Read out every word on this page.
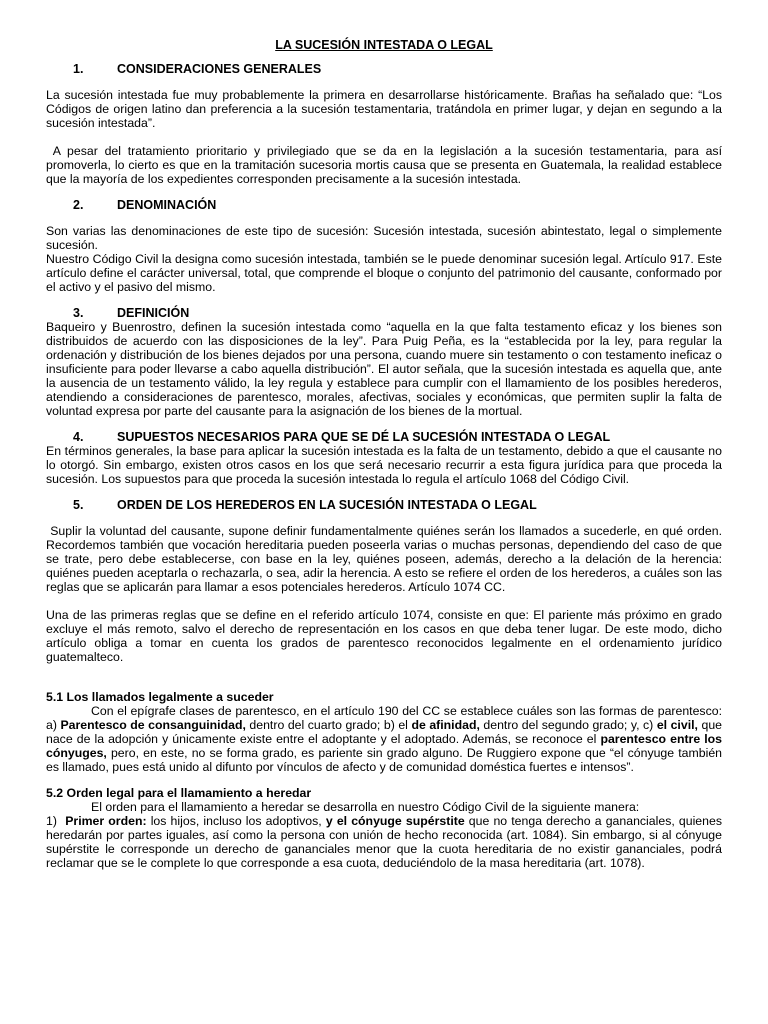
LA SUCESIÓN INTESTADA O LEGAL
1.	CONSIDERACIONES GENERALES

La sucesión intestada fue muy probablemente la primera en desarrollarse históricamente. Brañas ha señalado que: “Los Códigos de origen latino dan preferencia a la sucesión testamentaria, tratándola en primer lugar, y dejan en segundo a la sucesión intestada”.

A pesar del tratamiento prioritario y privilegiado que se da en la legislación a la sucesión testamentaria, para así promoverla, lo cierto es que en la tramitación sucesoria mortis causa que se presenta en Guatemala, la realidad establece que la mayoría de los expedientes corresponden precisamente a la sucesión intestada.

2.	DENOMINACIÓN

Son varias las denominaciones de este tipo de sucesión: Sucesión intestada, sucesión abintestato, legal o simplemente sucesión.

Nuestro Código Civil la designa como sucesión intestada, también se le puede denominar sucesión legal. Artículo 917. Este artículo define el carácter universal, total, que comprende el bloque o conjunto del patrimonio del causante, conformado por el activo y el pasivo del mismo.

3.	DEFINICIÓN

Baqueiro y Buenrostro, definen la sucesión intestada como “aquella en la que falta testamento eficaz y los bienes son distribuidos de acuerdo con las disposiciones de la ley”. Para Puig Peña, es la “establecida por la ley, para regular la ordenación y distribución de los bienes dejados por una persona, cuando muere sin testamento o con testamento ineficaz o insuficiente para poder llevarse a cabo aquella distribución”. El autor señala, que la sucesión intestada es aquella que, ante la ausencia de un testamento válido, la ley regula y establece para cumplir con el llamamiento de los posibles herederos, atendiendo a consideraciones de parentesco, morales, afectivas, sociales y económicas, que permiten suplir la falta de voluntad expresa por parte del causante para la asignación de los bienes de la mortual.

4.	SUPUESTOS NECESARIOS PARA QUE SE DÉ LA SUCESIÓN INTESTADA O LEGAL

En términos generales, la base para aplicar la sucesión intestada es la falta de un testamento, debido a que el causante no lo otorgó. Sin embargo, existen otros casos en los que será necesario recurrir a esta figura jurídica para que proceda la sucesión. Los supuestos para que proceda la sucesión intestada lo regula el artículo 1068 del Código Civil.

5.	ORDEN DE LOS HEREDEROS EN LA SUCESIÓN INTESTADA O LEGAL

Suplir la voluntad del causante, supone definir fundamentalmente quiénes serán los llamados a sucederle, en qué orden. Recordemos también que vocación hereditaria pueden poseerla varias o muchas personas, dependiendo del caso de que se trate, pero debe establecerse, con base en la ley, quiénes poseen, además, derecho a la delación de la herencia: quiénes pueden aceptarla o rechazarla, o sea, adir la herencia. A esto se refiere el orden de los herederos, a cuáles son las reglas que se aplicarán para llamar a esos potenciales herederos. Artículo 1074 CC.

Una de las primeras reglas que se define en el referido artículo 1074, consiste en que: El pariente más próximo en grado excluye el más remoto, salvo el derecho de representación en los casos en que deba tener lugar. De este modo, dicho artículo obliga a tomar en cuenta los grados de parentesco reconocidos legalmente en el ordenamiento jurídico guatemalteco.

5.1 Los llamados legalmente a suceder

Con el epígrafe clases de parentesco, en el artículo 190 del CC se establece cuáles son las formas de parentesco: a) Parentesco de consanguinidad, dentro del cuarto grado; b) el de afinidad, dentro del segundo grado; y, c) el civil, que nace de la adopción y únicamente existe entre el adoptante y el adoptado. Además, se reconoce el parentesco entre los cónyuges, pero, en este, no se forma grado, es pariente sin grado alguno. De Ruggiero expone que “el cónyuge también es llamado, pues está unido al difunto por vínculos de afecto y de comunidad doméstica fuertes e intensos”.

5.2 Orden legal para el llamamiento a heredar

El orden para el llamamiento a heredar se desarrolla en nuestro Código Civil de la siguiente manera:

1)  Primer orden: los hijos, incluso los adoptivos, y el cónyuge supérstite que no tenga derecho a gananciales, quienes heredarán por partes iguales, así como la persona con unión de hecho reconocida (art. 1084). Sin embargo, si al cónyuge supérstite le corresponde un derecho de gananciales menor que la cuota hereditaria de no existir gananciales, podrá reclamar que se le complete lo que corresponde a esa cuota, deduciéndolo de la masa hereditaria (art. 1078).
